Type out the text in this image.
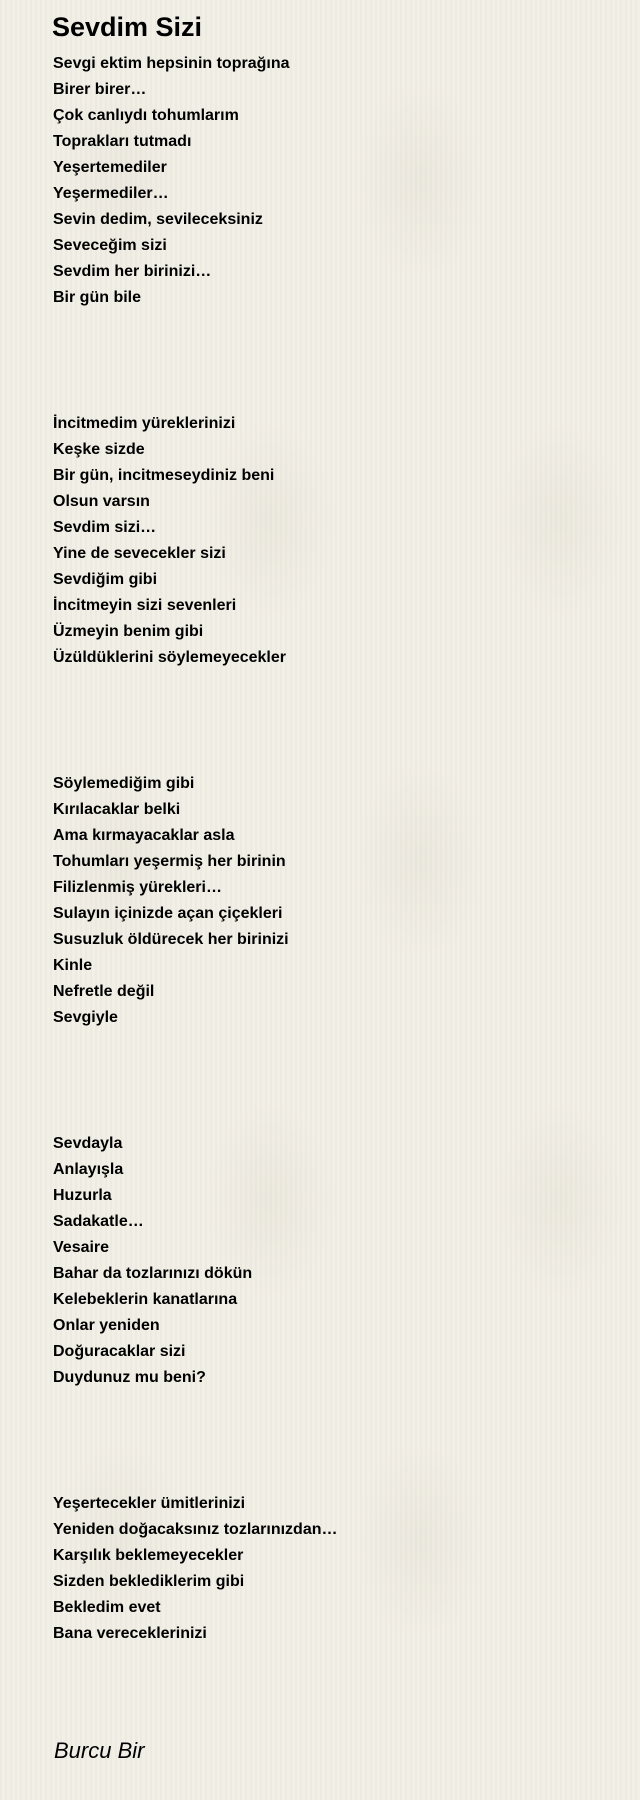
Sevdim Sizi
Sevgi ektim hepsinin toprağına
Birer birer…
Çok canlıydı tohumlarım
Toprakları tutmadı
Yeşertemediler
Yeşermediler…
Sevin dedim, sevileceksiniz
Seveceğim sizi
Sevdim her birinizi…
Bir gün bile
İncitmedim yüreklerinizi
Keşke sizde
Bir gün, incitmeseydiniz beni
Olsun varsın
Sevdim sizi…
Yine de sevecekler sizi
Sevdiğim gibi
İncitmeyin sizi sevenleri
Üzmeyin benim gibi
Üzüldüklerini söylemeyecekler
Söylemediğim gibi
Kırılacaklar belki
Ama kırmayacaklar asla
Tohumları yeşermiş her birinin
Filizlenmiş yürekleri…
Sulayın içinizde açan çiçekleri
Susuzluk öldürecek her birinizi
Kinle
Nefretle değil
Sevgiyle
Sevdayla
Anlayışla
Huzurla
Sadakatle…
Vesaire
Bahar da tozlarınızı dökün
Kelebeklerin kanatlarına
Onlar yeniden
Doğuracaklar sizi
Duydunuz mu beni?
Yeşertecekler ümitlerinizi
Yeniden doğacaksınız tozlarınızdan…
Karşılık beklemeyecekler
Sizden beklediklerim gibi
Bekledim evet
Bana vereceklerinizi
Burcu Bir
